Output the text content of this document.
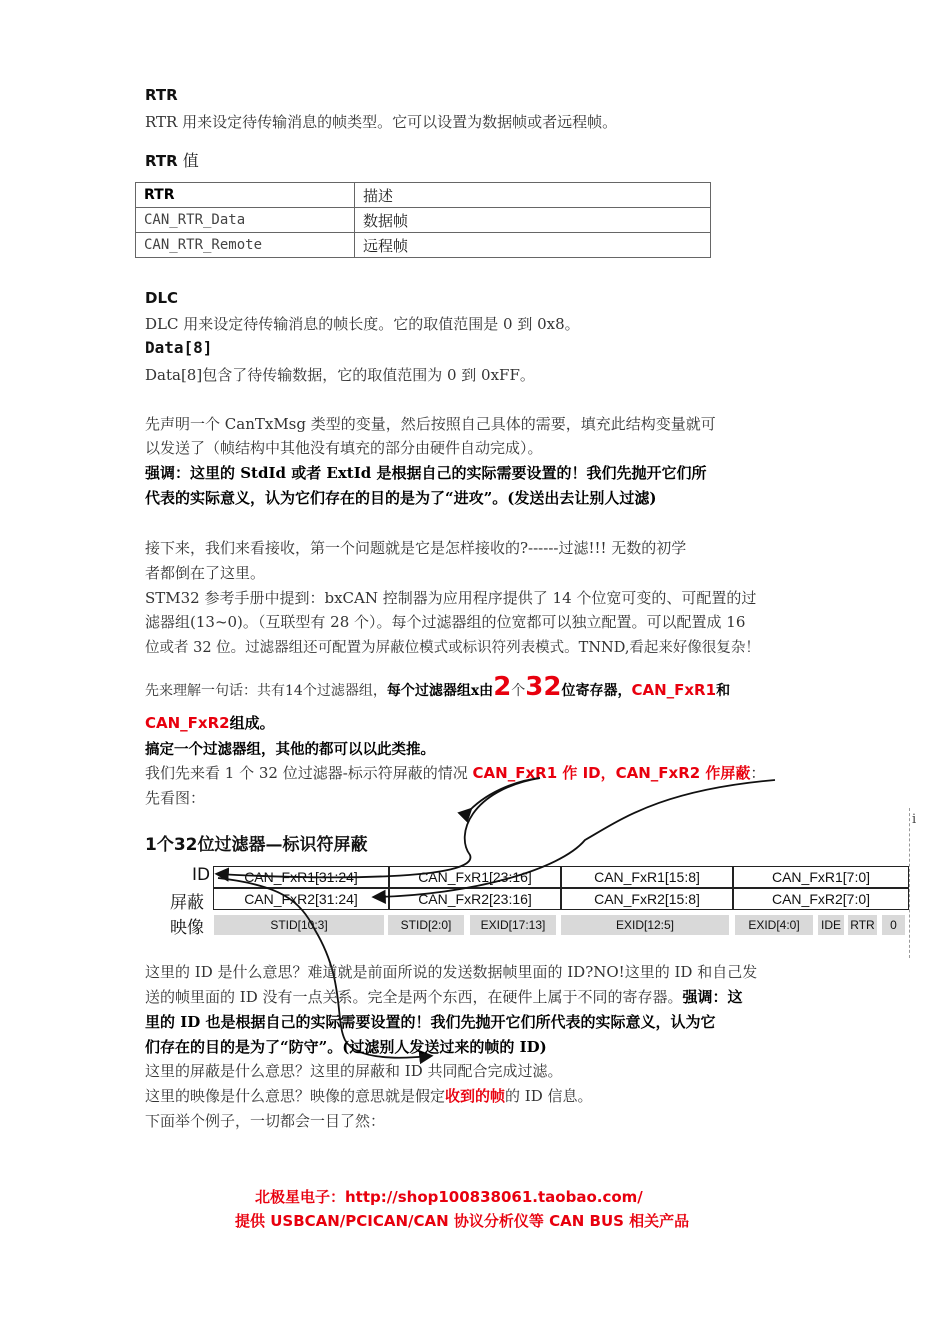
RTR
RTR 用来设定待传输消息的帧类型。它可以设置为数据帧或者远程帧。
RTR 值
RTR	描述
CAN_RTR_Data	数据帧
CAN_RTR_Remote	远程帧
DLC
DLC 用来设定待传输消息的帧长度。它的取值范围是 0 到 0x8。
Data[8]
Data[8]包含了待传输数据，它的取值范围为 0 到 0xFF。
先声明一个 CanTxMsg 类型的变量，然后按照自己具体的需要，填充此结构变量就可
以发送了（帧结构中其他没有填充的部分由硬件自动完成）。
强调：这里的 StdId 或者 ExtId 是根据自己的实际需要设置的！我们先抛开它们所
代表的实际意义，认为它们存在的目的是为了“进攻”。(发送出去让别人过滤)
接下来，我们来看接收，第一个问题就是它是怎样接收的?------过滤!!! 无数的初学
者都倒在了这里。
STM32 参考手册中提到：bxCAN 控制器为应用程序提供了 14 个位宽可变的、可配置的过
滤器组(13~0)。（互联型有 28 个）。每个过滤器组的位宽都可以独立配置。可以配置成 16
位或者 32 位。过滤器组还可配置为屏蔽位模式或标识符列表模式。TNND,看起来好像很复杂！
先来理解一句话：共有14个过滤器组，每个过滤器组x由2个32位寄存器，CAN_FxR1和
CAN_FxR2组成。
搞定一个过滤器组，其他的都可以以此类推。
我们先来看 1 个 32 位过滤器-标示符屏蔽的情况 CAN_FxR1 作 ID，CAN_FxR2 作屏蔽：
先看图：
1个32位过滤器—标识符屏蔽
i
ID
屏蔽
映像
CAN_FxR1[31:24]	CAN_FxR1[23:16]	CAN_FxR1[15:8]	CAN_FxR1[7:0]
CAN_FxR2[31:24]	CAN_FxR2[23:16]	CAN_FxR2[15:8]	CAN_FxR2[7:0]
STID[10:3]	STID[2:0]	EXID[17:13]	EXID[12:5]	EXID[4:0]	IDE RTR	0
这里的 ID 是什么意思？难道就是前面所说的发送数据帧里面的 ID?NO!这里的 ID 和自己发
送的帧里面的 ID 没有一点关系。完全是两个东西，在硬件上属于不同的寄存器。强调：这
里的 ID 也是根据自己的实际需要设置的！我们先抛开它们所代表的实际意义，认为它
们存在的目的是为了“防守”。(过滤别人发送过来的帧的 ID)
这里的屏蔽是什么意思？这里的屏蔽和 ID 共同配合完成过滤。
这里的映像是什么意思？映像的意思就是假定收到的帧的 ID 信息。
下面举个例子，一切都会一目了然：
北极星电子：http://shop100838061.taobao.com/
提供 USBCAN/PCICAN/CAN 协议分析仪等 CAN BUS 相关产品
